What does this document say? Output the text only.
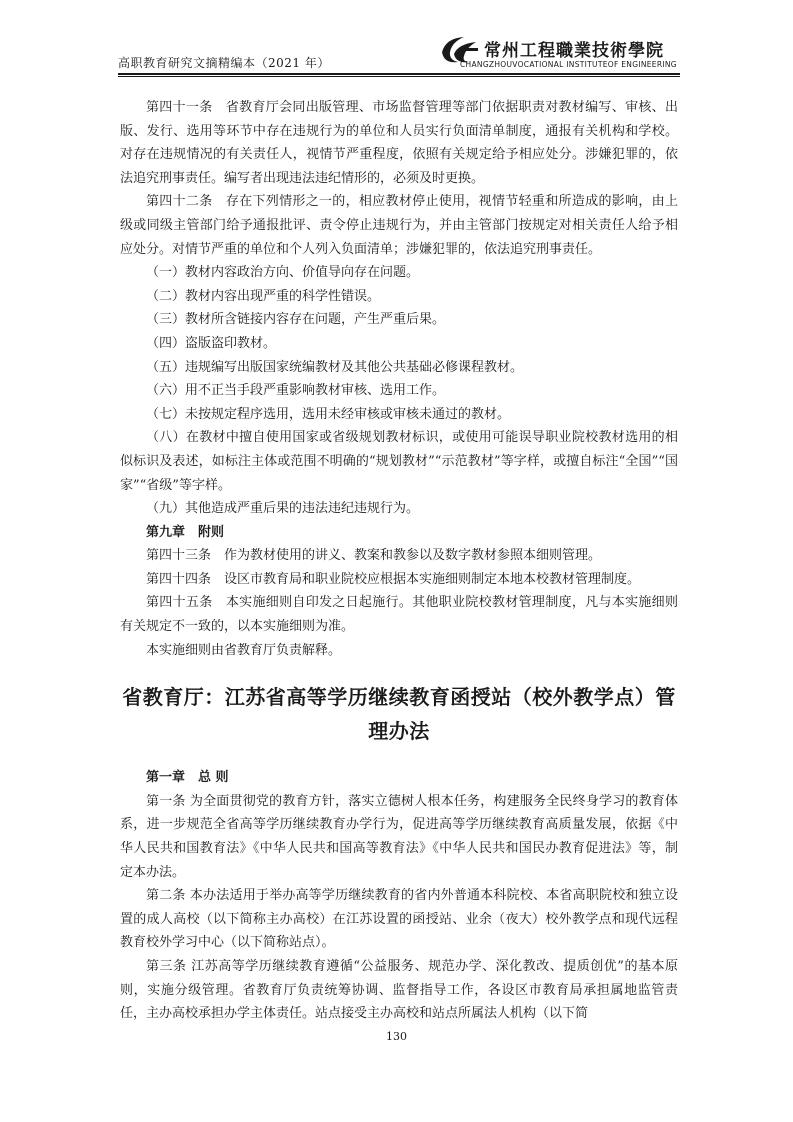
高职教育研究文摘精编本（2021 年）
常州工程職業技術學院
CHANGZHOUVOCATIONAL INSTITUTEOF ENGINEERING

第四十一条　省教育厅会同出版管理、市场监督管理等部门依据职责对教材编写、审核、出版、发行、选用等环节中存在违规行为的单位和人员实行负面清单制度，通报有关机构和学校。对存在违规情况的有关责任人，视情节严重程度，依照有关规定给予相应处分。涉嫌犯罪的，依法追究刑事责任。编写者出现违法违纪情形的，必须及时更换。

第四十二条　存在下列情形之一的，相应教材停止使用，视情节轻重和所造成的影响，由上级或同级主管部门给予通报批评、责令停止违规行为，并由主管部门按规定对相关责任人给予相应处分。对情节严重的单位和个人列入负面清单；涉嫌犯罪的，依法追究刑事责任。

（一）教材内容政治方向、价值导向存在问题。

（二）教材内容出现严重的科学性错误。

（三）教材所含链接内容存在问题，产生严重后果。

（四）盗版盗印教材。

（五）违规编写出版国家统编教材及其他公共基础必修课程教材。

（六）用不正当手段严重影响教材审核、选用工作。

（七）未按规定程序选用，选用未经审核或审核未通过的教材。

（八）在教材中擅自使用国家或省级规划教材标识，或使用可能误导职业院校教材选用的相似标识及表述，如标注主体或范围不明确的“规划教材”“示范教材”等字样，或擅自标注“全国”“国家”“省级”等字样。

（九）其他造成严重后果的违法违纪违规行为。

第九章　附则

第四十三条　作为教材使用的讲义、教案和教参以及数字教材参照本细则管理。

第四十四条　设区市教育局和职业院校应根据本实施细则制定本地本校教材管理制度。

第四十五条　本实施细则自印发之日起施行。其他职业院校教材管理制度，凡与本实施细则有关规定不一致的，以本实施细则为准。

本实施细则由省教育厅负责解释。

省教育厅：江苏省高等学历继续教育函授站（校外教学点）管理办法

第一章　总 则

第一条 为全面贯彻党的教育方针，落实立德树人根本任务，构建服务全民终身学习的教育体系，进一步规范全省高等学历继续教育办学行为，促进高等学历继续教育高质量发展，依据《中华人民共和国教育法》《中华人民共和国高等教育法》《中华人民共和国民办教育促进法》等，制定本办法。

第二条 本办法适用于举办高等学历继续教育的省内外普通本科院校、本省高职院校和独立设置的成人高校（以下简称主办高校）在江苏设置的函授站、业余（夜大）校外教学点和现代远程教育校外学习中心（以下简称站点）。

第三条 江苏高等学历继续教育遵循“公益服务、规范办学、深化教改、提质创优”的基本原则，实施分级管理。省教育厅负责统筹协调、监督指导工作，各设区市教育局承担属地监管责任，主办高校承担办学主体责任。站点接受主办高校和站点所属法人机构（以下简

130
